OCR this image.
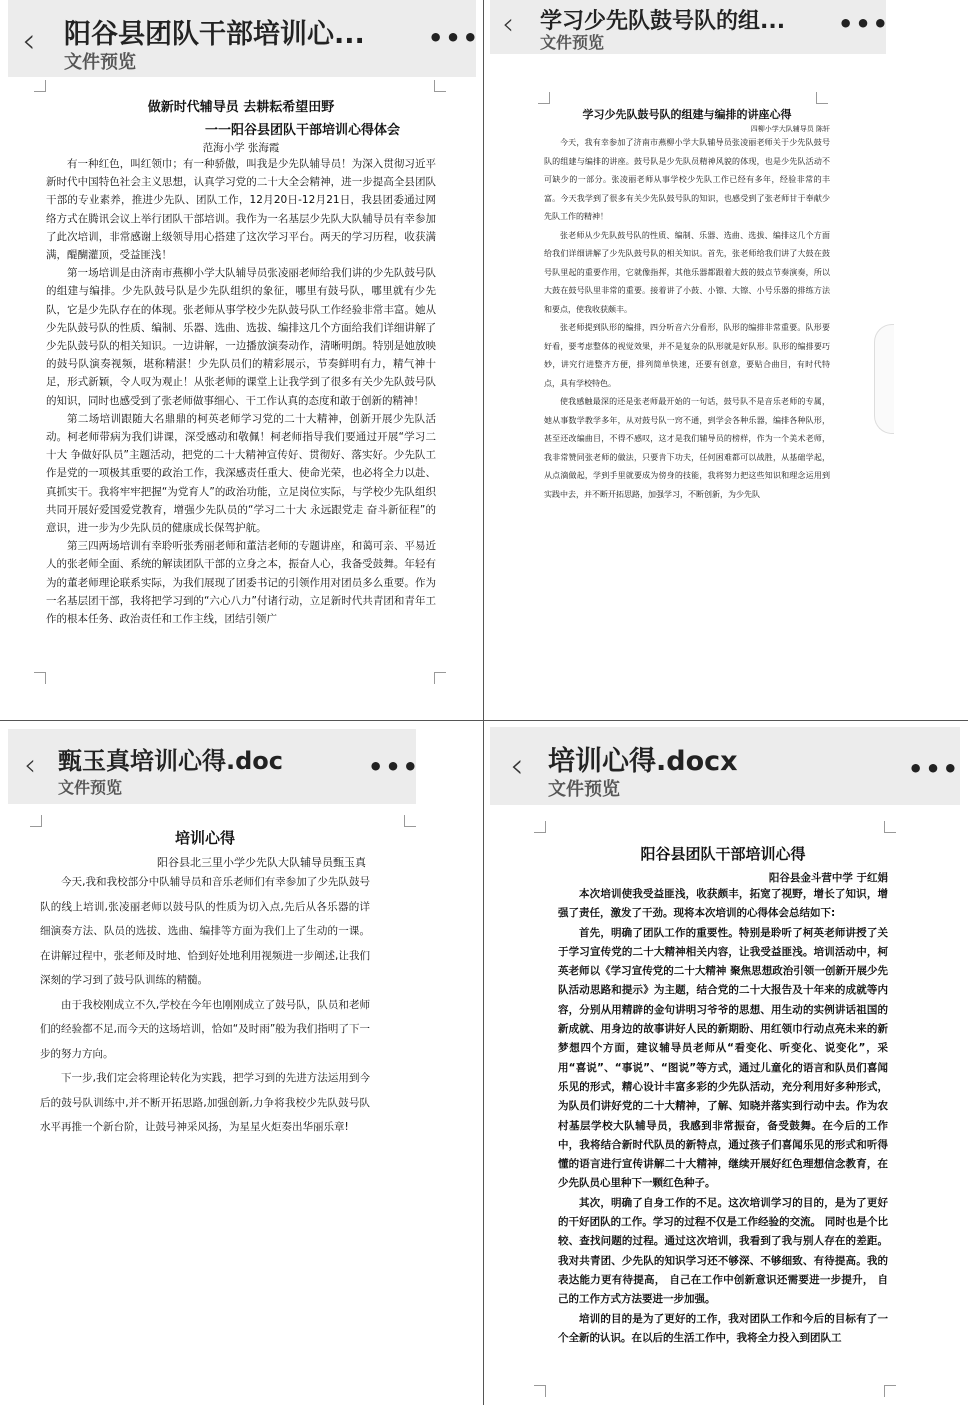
‹ 阳谷县团队干部培训心...
文件预览
•••
做新时代辅导员 去耕耘希望田野
一一阳谷县团队干部培训心得体会
范海小学 张海霞

有一种红色，叫红领巾；有一种骄傲，叫我是少先队辅导员！为深入贯彻习近平新时代中国特色社会主义思想，认真学习党的二十大全会精神，进一步提高全县团队干部的专业素养，推进少先队、团队工作，12月20日-12月21日，我县团委通过网络方式在腾讯会议上举行团队干部培训。我作为一名基层少先队大队辅导员有幸参加了此次培训，非常感谢上级领导用心搭建了这次学习平台。两天的学习历程，收获满满，醍醐灌顶，受益匪浅！

第一场培训是由济南市燕柳小学大队辅导员张凌丽老师给我们讲的少先队鼓号队的组建与编排。少先队鼓号队是少先队组织的象征，哪里有鼓号队，哪里就有少先队，它是少先队存在的体现。张老师从事学校少先队鼓号队工作经验非常丰富。她从少先队鼓号队的性质、编制、乐器、选曲、选拔、编排这几个方面给我们详细讲解了少先队鼓号队的相关知识。一边讲解，一边播放演奏动作，清晰明朗。特别是她放映的鼓号队演奏视频，堪称精湛！少先队员们的精彩展示，节奏鲜明有力，精气神十足，形式新颖，令人叹为观止！从张老师的课堂上让我学到了很多有关少先队鼓号队的知识，同时也感受到了张老师做事细心、干工作认真的态度和敢于创新的精神！

第二场培训跟随大名鼎鼎的柯英老师学习党的二十大精神，创新开展少先队活动。柯老师带病为我们讲课，深受感动和敬佩！柯老师指导我们要通过开展“学习二十大 争做好队员”主题活动，把党的二十大精神宣传好、贯彻好、落实好。少先队工作是党的一项极其重要的政治工作，我深感责任重大、使命光荣，也必将全力以赴、真抓实干。我将牢牢把握“为党育人”的政治功能，立足岗位实际，与学校少先队组织共同开展好爱国爱党教育，增强少先队员的“学习二十大 永远跟党走 奋斗新征程”的意识，进一步为少先队员的健康成长保驾护航。

第三四两场培训有幸聆听张秀丽老师和董洁老师的专题讲座，和蔼可亲、平易近人的张老师全面、系统的解读团队干部的立身之本，振奋人心，我备受鼓舞。年轻有为的董老师理论联系实际，为我们展现了团委书记的引领作用对团员多么重要。作为一名基层团干部，我将把学习到的“六心八力”付诸行动，立足新时代共青团和青年工作的根本任务、政治责任和工作主线，团结引领广

‹ 学习少先队鼓号队的组...
文件预览
•••
学习少先队鼓号队的组建与编排的讲座心得
四柳小学大队辅导员 陈轩

今天，我有幸参加了济南市燕柳小学大队辅导员张凌丽老师关于少先队鼓号队的组建与编排的讲座。鼓号队是少先队员精神风貌的体现，也是少先队活动不可缺少的一部分。张凌丽老师从事学校少先队工作已经有多年，经验非常的丰富。今天我学到了很多有关少先队鼓号队的知识，也感受到了张老师甘于奉献少先队工作的精神！

张老师从少先队鼓号队的性质、编制、乐器、选曲、选拔、编排这几个方面给我们详细讲解了少先队鼓号队的相关知识。首先，张老师给我们讲了大鼓在鼓号队里起的重要作用，它就像指挥，其他乐器都跟着大鼓的鼓点节奏演奏，所以大鼓在鼓号队里非常的重要。接着讲了小鼓、小镲、大镲、小号乐器的排练方法和要点，使我收获颇丰。

张老师提到队形的编排，四分听音六分看形，队形的编排非常重要。队形要好看，要考虑整体的视觉效果，并不是复杂的队形就是好队形。队形的编排要巧妙，讲究行进整齐方便，排列简单快速，还要有创意，要贴合曲目，有时代特点，具有学校特色。

使我感触最深的还是张老师最开始的一句话，鼓号队不是音乐老师的专属，她从事数学教学多年，从对鼓号队一窍不通，到学会各种乐器，编排各种队形，甚至还改编曲目，不得不感叹，这才是我们辅导员的榜样，作为一个美术老师，我非常赞同张老师的做法，只要肯下功夫，任何困难都可以战胜，从基础学起，从点滴做起，学到手里就要成为傍身的技能，我将努力把这些知识和理念运用到实践中去，并不断开拓思路，加强学习，不断创新，为少先队

‹ 甄玉真培训心得.doc
文件预览
•••
培训心得
阳谷县北三里小学少先队大队辅导员甄玉真

今天,我和我校部分中队辅导员和音乐老师们有幸参加了少先队鼓号队的线上培训,张凌丽老师以鼓号队的性质为切入点,先后从各乐器的详细演奏方法、队员的选拔、选曲、编排等方面为我们上了生动的一课。在讲解过程中，张老师及时地、恰到好处地利用视频进一步阐述,让我们深刻的学习到了鼓号队训练的精髓。

由于我校刚成立不久,学校在今年也刚刚成立了鼓号队，队员和老师们的经验都不足,而今天的这场培训，恰如“及时雨”般为我们指明了下一步的努力方向。

下一步,我们定会将理论转化为实践，把学习到的先进方法运用到今后的鼓号队训练中,并不断开拓思路,加强创新,力争将我校少先队鼓号队水平再推一个新台阶，让鼓号神采风扬，为星星火炬奏出华丽乐章!

‹ 培训心得.docx
文件预览
•••
阳谷县团队干部培训心得
阳谷县金斗营中学 于红娟

本次培训使我受益匪浅，收获颇丰，拓宽了视野，增长了知识，增强了责任，激发了干劲。现将本次培训的心得体会总结如下:

首先，明确了团队工作的重要性。特别是聆听了柯英老师讲授了关于学习宣传党的二十大精神相关内容，让我受益匪浅。培训活动中，柯英老师以《学习宣传党的二十大精神 聚焦思想政治引领一创新开展少先队活动思路和提示》为主题，结合党的二十大报告及十年来的成就等内容，分别从用精辟的金句讲明习爷爷的思想、用生动的实例讲话祖国的新成就、用身边的故事讲好人民的新期盼、用红领巾行动点亮未来的新梦想四个方面，建议辅导员老师从“看变化、听变化、说变化”，采用“喜说”、“事说”、“图说”等方式，通过儿童化的语言和队员们喜闻乐见的形式，精心设计丰富多彩的少先队活动，充分利用好多种形式，为队员们讲好党的二十大精神，了解、知晓并落实到行动中去。作为农村基层学校大队辅导员，我感到非常振奋，备受鼓舞。在今后的工作中，我将结合新时代队员的新特点，通过孩子们喜闻乐见的形式和听得懂的语言进行宣传讲解二十大精神，继续开展好红色理想信念教育，在少先队员心里种下一颗红色种子。

其次，明确了自身工作的不足。这次培训学习的目的，是为了更好的干好团队的工作。学习的过程不仅是工作经验的交流。 同时也是个比较、查找问题的过程。通过这次培训，我看到了我与别人存在的差距。我对共青团、少先队的知识学习还不够深、不够细致、有待提高。我的表达能力更有待提高， 自己在工作中创新意识还需要进一步提升， 自己的工作方式方法要进一步加强。

培训的目的是为了更好的工作，我对团队工作和今后的目标有了一个全新的认识。在以后的生活工作中，我将全力投入到团队工
